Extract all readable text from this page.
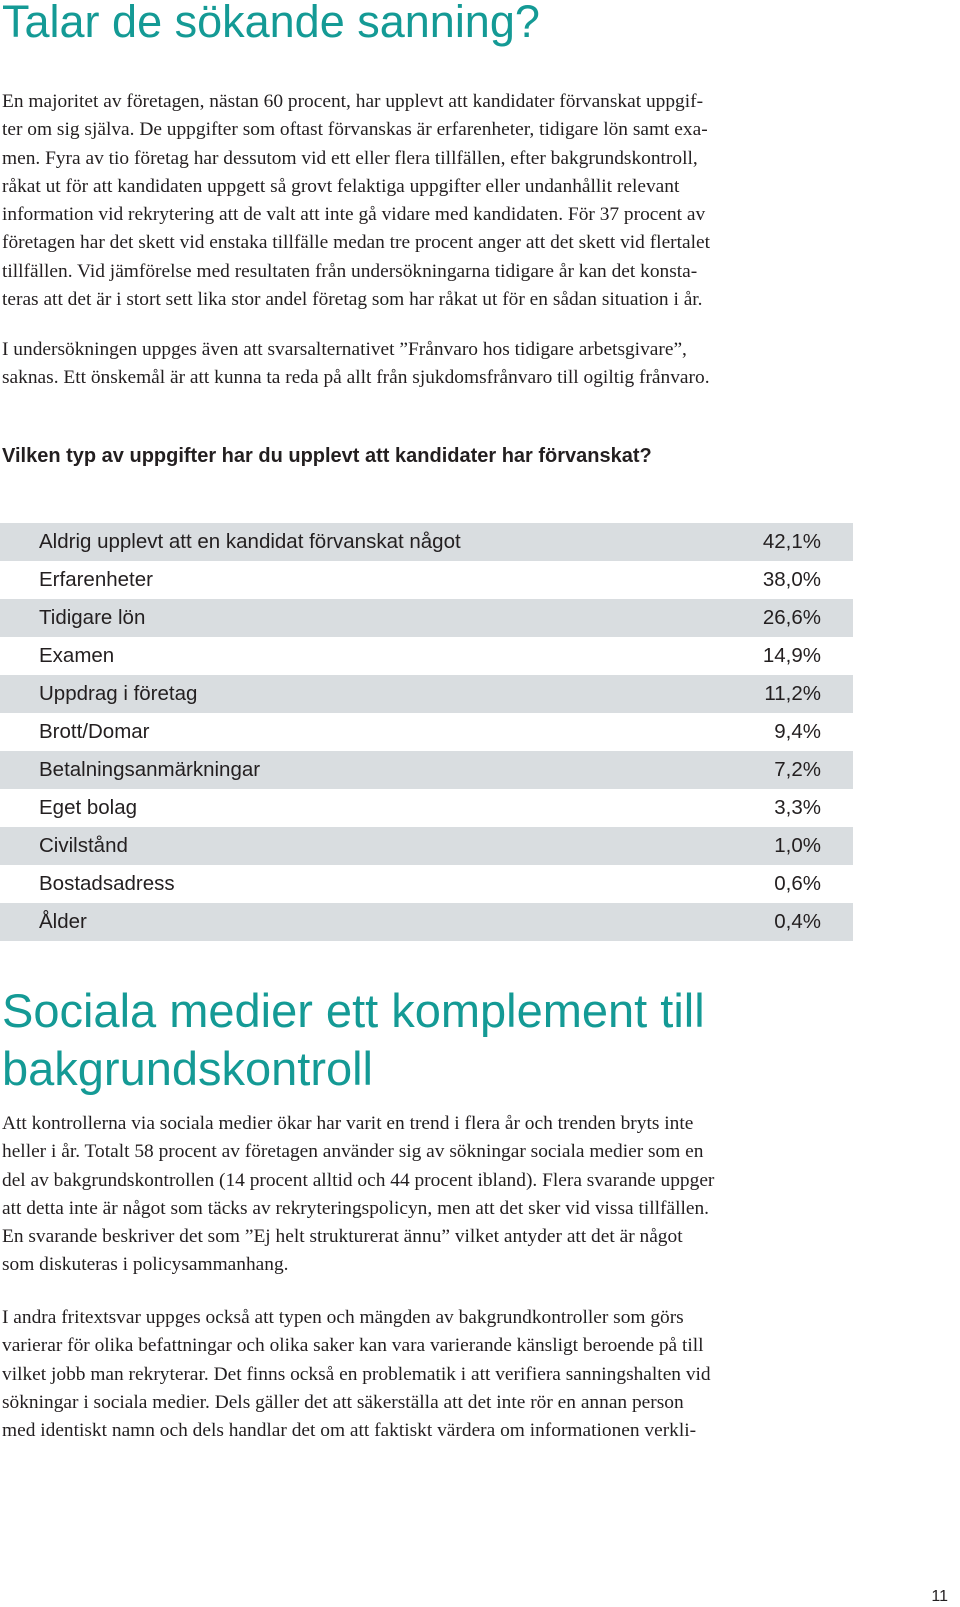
Talar de sökande sanning?
En majoritet av företagen, nästan 60 procent, har upplevt att kandidater förvanskat uppgif-
ter om sig själva. De uppgifter som oftast förvanskas är erfarenheter, tidigare lön samt exa-
men. Fyra av tio företag har dessutom vid ett eller flera tillfällen, efter bakgrundskontroll,
råkat ut för att kandidaten uppgett så grovt felaktiga uppgifter eller undanhållit relevant
information vid rekrytering att de valt att inte gå vidare med kandidaten. För 37 procent av
företagen har det skett vid enstaka tillfälle medan tre procent anger att det skett vid flertalet
tillfällen. Vid jämförelse med resultaten från undersökningarna tidigare år kan det konsta-
teras att det är i stort sett lika stor andel företag som har råkat ut för en sådan situation i år.
I undersökningen uppges även att svarsalternativet ”Frånvaro hos tidigare arbetsgivare”,
saknas. Ett önskemål är att kunna ta reda på allt från sjukdomsfrånvaro till ogiltig frånvaro.
Vilken typ av uppgifter har du upplevt att kandidater har förvanskat?
Aldrig upplevt att en kandidat förvanskat något	42,1%
Erfarenheter	38,0%
Tidigare lön	26,6%
Examen	14,9%
Uppdrag i företag	11,2%
Brott/Domar	9,4%
Betalningsanmärkningar	7,2%
Eget bolag	3,3%
Civilstånd	1,0%
Bostadsadress	0,6%
Ålder	0,4%
Sociala medier ett komplement till
bakgrundskontroll
Att kontrollerna via sociala medier ökar har varit en trend i flera år och trenden bryts inte
heller i år. Totalt 58 procent av företagen använder sig av sökningar sociala medier som en
del av bakgrundskontrollen (14 procent alltid och 44 procent ibland). Flera svarande uppger
att detta inte är något som täcks av rekryteringspolicyn, men att det sker vid vissa tillfällen.
En svarande beskriver det som ”Ej helt strukturerat ännu” vilket antyder att det är något
som diskuteras i policysammanhang.
I andra fritextsvar uppges också att typen och mängden av bakgrundkontroller som görs
varierar för olika befattningar och olika saker kan vara varierande känsligt beroende på till
vilket jobb man rekryterar. Det finns också en problematik i att verifiera sanningshalten vid
sökningar i sociala medier. Dels gäller det att säkerställa att det inte rör en annan person
med identiskt namn och dels handlar det om att faktiskt värdera om informationen verkli-
11
